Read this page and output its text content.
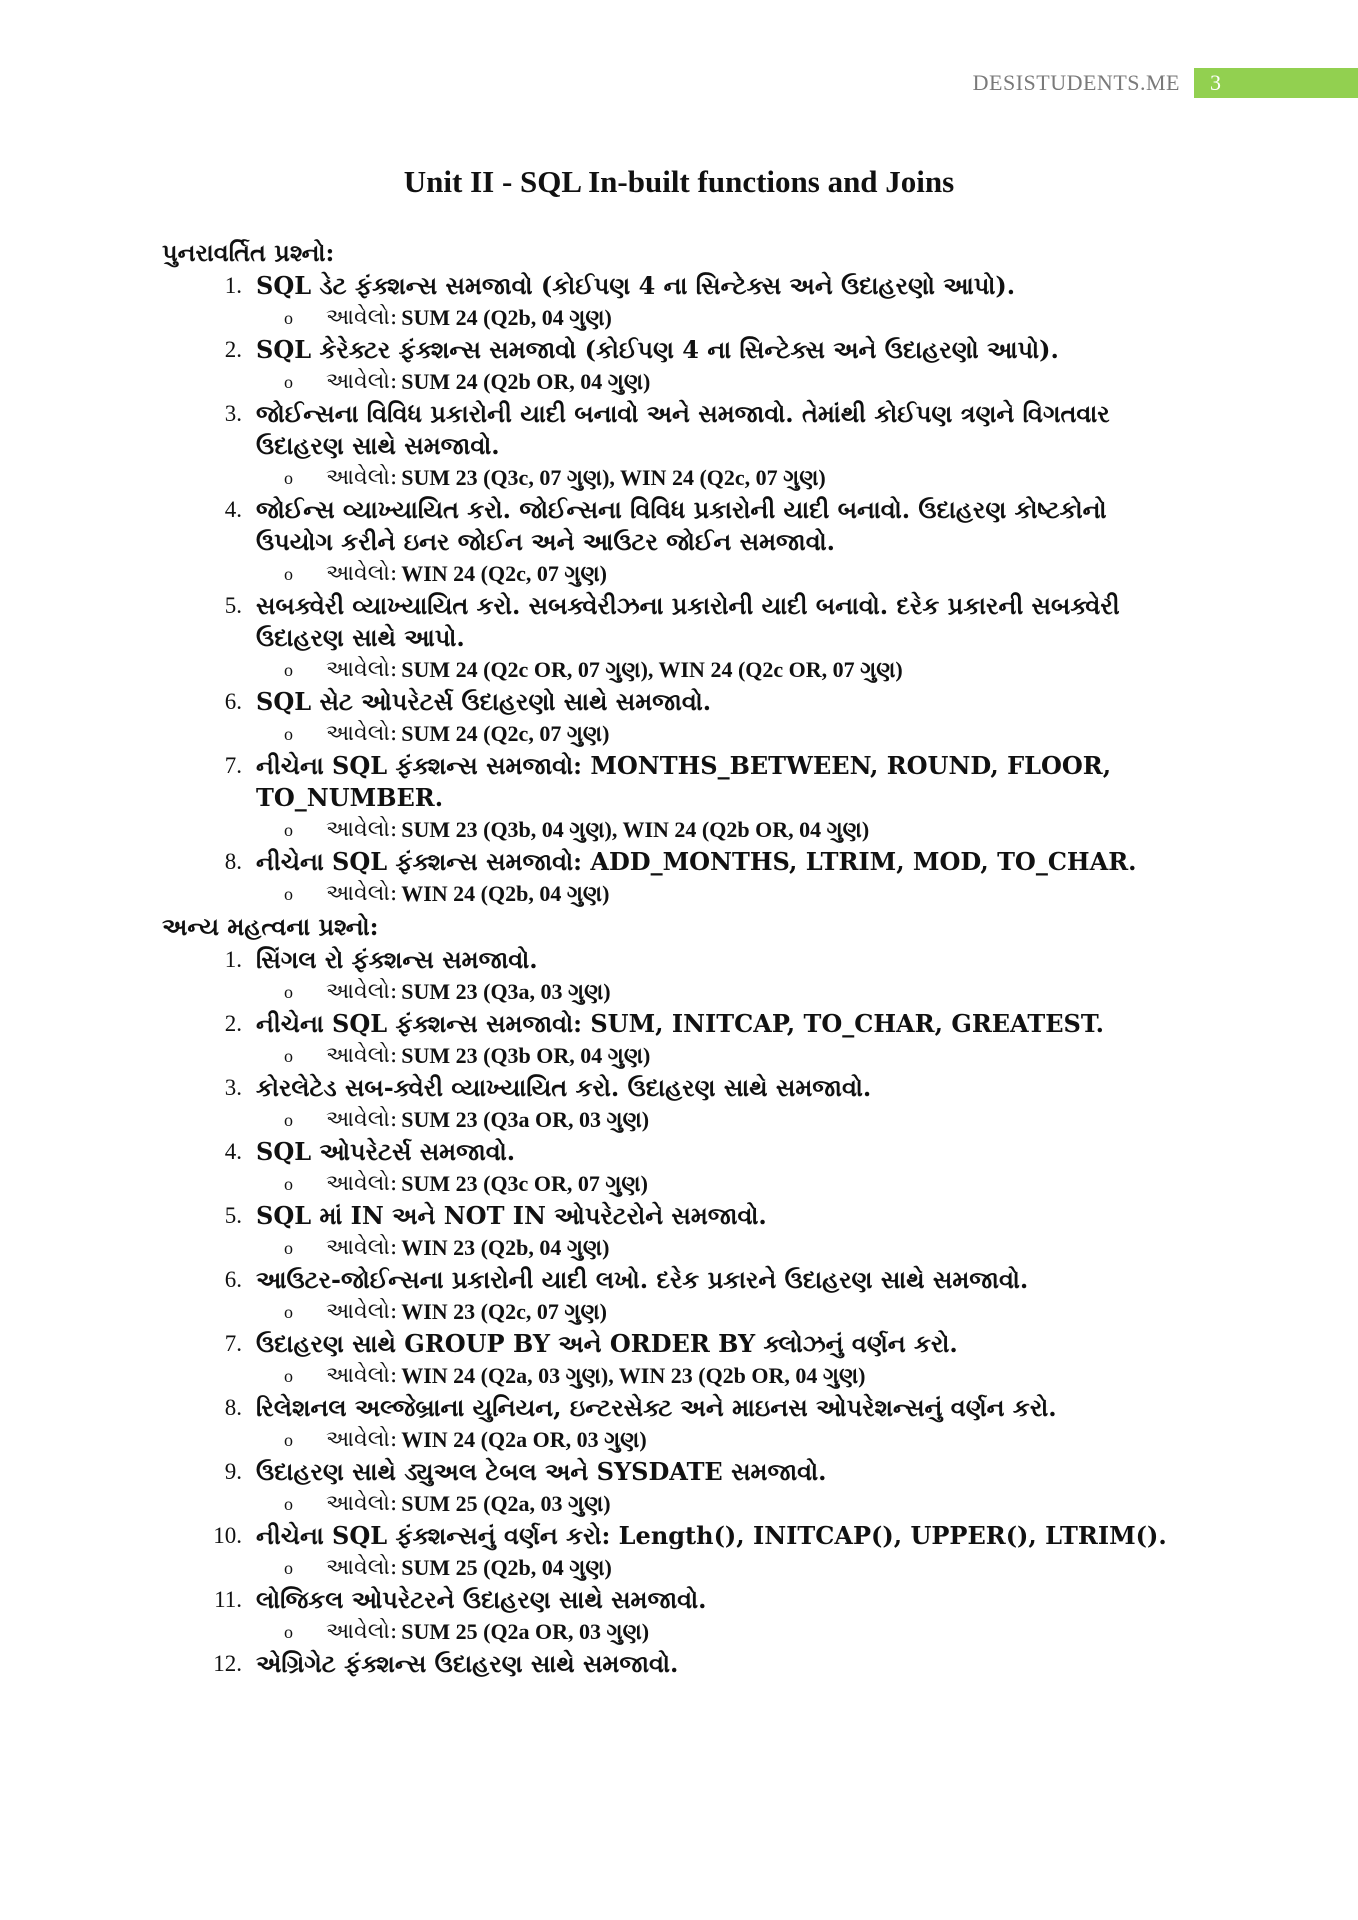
DESISTUDENTS.ME	3
Unit II - SQL In-built functions and Joins
પુનરાવર્તિત પ્રશ્નો:
1. SQL ડેટ ફંક્શન્સ સમજાવો (કોઈપણ 4 ના સિન્ટેક્સ અને ઉદાહરણો આપો).
o	આવેલો: SUM 24 (Q2b, 04 ગુણ)
2. SQL કેરેક્ટર ફંક્શન્સ સમજાવો (કોઈપણ 4 ના સિન્ટેક્સ અને ઉદાહરણો આપો).
o	આવેલો: SUM 24 (Q2b OR, 04 ગુણ)
3. જોઈન્સના વિવિધ પ્રકારોની યાદી બનાવો અને સમજાવો. તેમાંથી કોઈપણ ત્રણને વિગતવાર ઉદાહરણ સાથે સમજાવો.
o	આવેલો: SUM 23 (Q3c, 07 ગુણ), WIN 24 (Q2c, 07 ગુણ)
4. જોઈન્સ વ્યાખ્યાયિત કરો. જોઈન્સના વિવિધ પ્રકારોની યાદી બનાવો. ઉદાહરણ કોષ્ટકોનો ઉપયોગ કરીને ઇનર જોઈન અને આઉટર જોઈન સમજાવો.
o	આવેલો: WIN 24 (Q2c, 07 ગુણ)
5. સબક્વેરી વ્યાખ્યાયિત કરો. સબક્વેરીઝના પ્રકારોની યાદી બનાવો. દરેક પ્રકારની સબક્વેરી ઉદાહરણ સાથે આપો.
o	આવેલો: SUM 24 (Q2c OR, 07 ગુણ), WIN 24 (Q2c OR, 07 ગુણ)
6. SQL સેટ ઓપરેટર્સ ઉદાહરણો સાથે સમજાવો.
o	આવેલો: SUM 24 (Q2c, 07 ગુણ)
7. નીચેના SQL ફંક્શન્સ સમજાવો: MONTHS_BETWEEN, ROUND, FLOOR, TO_NUMBER.
o	આવેલો: SUM 23 (Q3b, 04 ગુણ), WIN 24 (Q2b OR, 04 ગુણ)
8. નીચેના SQL ફંક્શન્સ સમજાવો: ADD_MONTHS, LTRIM, MOD, TO_CHAR.
o	આવેલો: WIN 24 (Q2b, 04 ગુણ)
અન્ય મહત્વના પ્રશ્નો:
1. સિંગલ રો ફંક્શન્સ સમજાવો.
o	આવેલો: SUM 23 (Q3a, 03 ગુણ)
2. નીચેના SQL ફંક્શન્સ સમજાવો: SUM, INITCAP, TO_CHAR, GREATEST.
o	આવેલો: SUM 23 (Q3b OR, 04 ગુણ)
3. કોરલેટેડ સબ-ક્વેરી વ્યાખ્યાયિત કરો. ઉદાહરણ સાથે સમજાવો.
o	આવેલો: SUM 23 (Q3a OR, 03 ગુણ)
4. SQL ઓપરેટર્સ સમજાવો.
o	આવેલો: SUM 23 (Q3c OR, 07 ગુણ)
5. SQL માં IN અને NOT IN ઓપરેટરોને સમજાવો.
o	આવેલો: WIN 23 (Q2b, 04 ગુણ)
6. આઉટર-જોઈન્સના પ્રકારોની યાદી લખો. દરેક પ્રકારને ઉદાહરણ સાથે સમજાવો.
o	આવેલો: WIN 23 (Q2c, 07 ગુણ)
7. ઉદાહરણ સાથે GROUP BY અને ORDER BY ક્લોઝનું વર્ણન કરો.
o	આવેલો: WIN 24 (Q2a, 03 ગુણ), WIN 23 (Q2b OR, 04 ગુણ)
8. રિલેશનલ અલ્જેબ્રાના યુનિયન, ઇન્ટરસેક્ટ અને માઇનસ ઓપરેશન્સનું વર્ણન કરો.
o	આવેલો: WIN 24 (Q2a OR, 03 ગુણ)
9. ઉદાહરણ સાથે ડ્યુઅલ ટેબલ અને SYSDATE સમજાવો.
o	આવેલો: SUM 25 (Q2a, 03 ગુણ)
10. નીચેના SQL ફંક્શન્સનું વર્ણન કરો: Length(), INITCAP(), UPPER(), LTRIM().
o	આવેલો: SUM 25 (Q2b, 04 ગુણ)
11. લોજિકલ ઓપરેટરને ઉદાહરણ સાથે સમજાવો.
o	આવેલો: SUM 25 (Q2a OR, 03 ગુણ)
12. એગ્રિગેટ ફંક્શન્સ ઉદાહરણ સાથે સમજાવો.
